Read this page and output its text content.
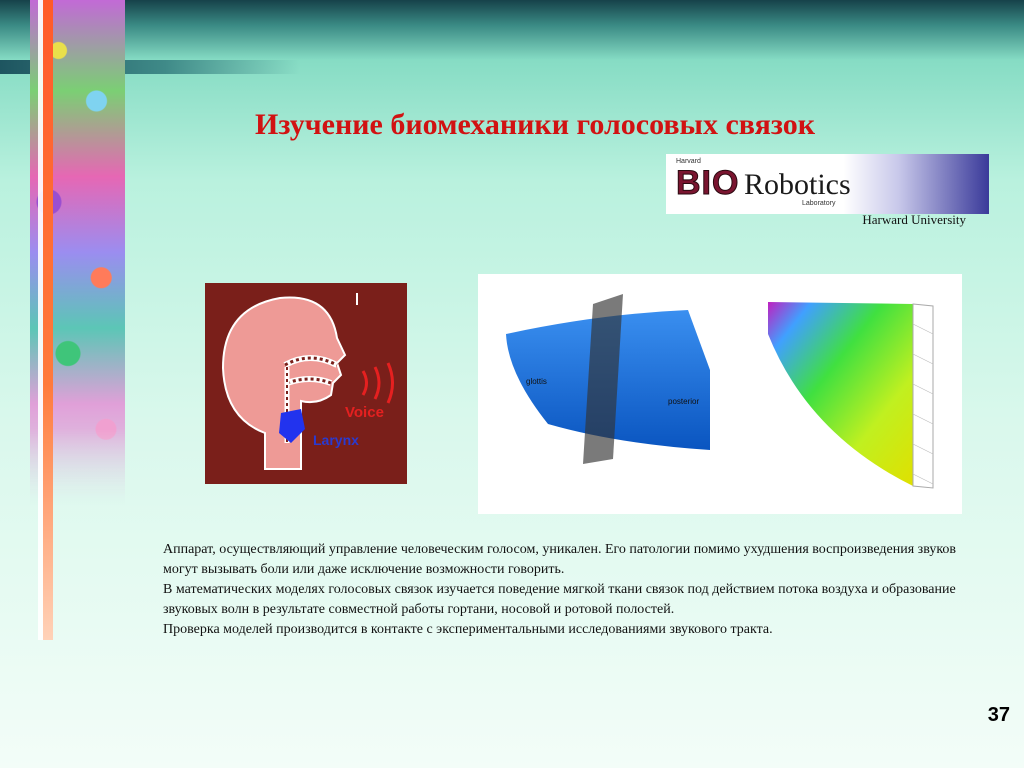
Изучение биомеханики голосовых связок
Harvard
BIO Robotics
Laboratory
Harward University
Voice
Larynx
glottis
posterior

Аппарат, осуществляющий управление человеческим голосом, уникален. Его патологии помимо ухудшения воспроизведения звуков могут вызывать боли или даже исключение возможности говорить.

В математических моделях голосовых связок изучается поведение мягкой ткани связок под действием потока воздуха и образование звуковых волн в результате совместной работы гортани, носовой и ротовой полостей.

Проверка моделей производится в контакте с экспериментальными исследованиями звукового тракта.

37
